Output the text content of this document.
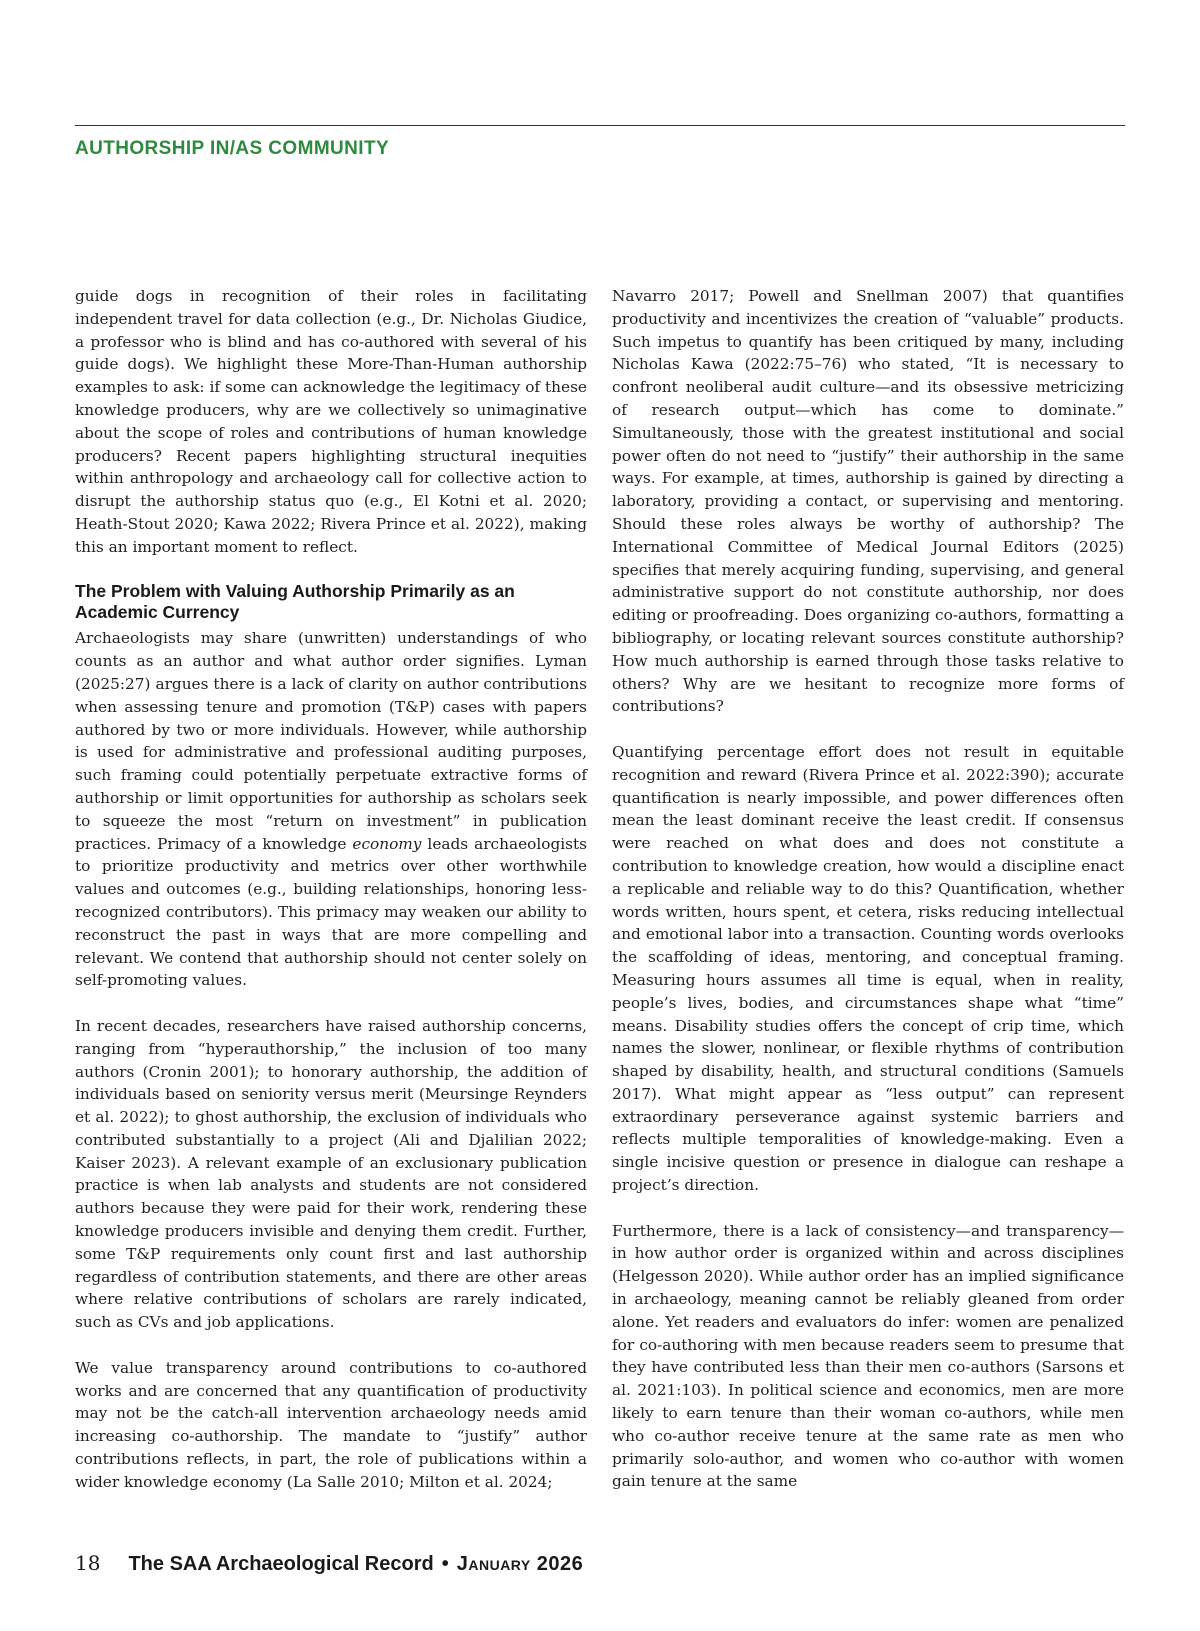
AUTHORSHIP IN/AS COMMUNITY

guide dogs in recognition of their roles in facilitating independent travel for data collection (e.g., Dr. Nicholas Giudice, a professor who is blind and has co-authored with several of his guide dogs). We highlight these More-Than-Human authorship examples to ask: if some can acknowledge the legitimacy of these knowledge producers, why are we collectively so unimaginative about the scope of roles and contributions of human knowledge producers? Recent papers highlighting structural inequities within anthropology and archaeology call for collective action to disrupt the authorship status quo (e.g., El Kotni et al. 2020; Heath-Stout 2020; Kawa 2022; Rivera Prince et al. 2022), making this an important moment to reflect.

The Problem with Valuing Authorship Primarily as an Academic Currency

Archaeologists may share (unwritten) understandings of who counts as an author and what author order signifies. Lyman (2025:27) argues there is a lack of clarity on author contributions when assessing tenure and promotion (T&P) cases with papers authored by two or more individuals. However, while authorship is used for administrative and professional auditing purposes, such framing could potentially perpetuate extractive forms of authorship or limit opportunities for authorship as scholars seek to squeeze the most “return on investment” in publication practices. Primacy of a knowledge economy leads archaeologists to prioritize productivity and metrics over other worthwhile values and outcomes (e.g., building relationships, honoring less-recognized contributors). This primacy may weaken our ability to reconstruct the past in ways that are more compelling and relevant. We contend that authorship should not center solely on self-promoting values.

In recent decades, researchers have raised authorship concerns, ranging from “hyperauthorship,” the inclusion of too many authors (Cronin 2001); to honorary authorship, the addition of individuals based on seniority versus merit (Meursinge Reynders et al. 2022); to ghost authorship, the exclusion of individuals who contributed substantially to a project (Ali and Djalilian 2022; Kaiser 2023). A relevant example of an exclusionary publication practice is when lab analysts and students are not considered authors because they were paid for their work, rendering these knowledge producers invisible and denying them credit. Further, some T&P requirements only count first and last authorship regardless of contribution statements, and there are other areas where relative contributions of scholars are rarely indicated, such as CVs and job applications.

We value transparency around contributions to co-authored works and are concerned that any quantification of productivity may not be the catch-all intervention archaeology needs amid increasing co-authorship. The mandate to “justify” author contributions reflects, in part, the role of publications within a wider knowledge economy (La Salle 2010; Milton et al. 2024;

Navarro 2017; Powell and Snellman 2007) that quantifies productivity and incentivizes the creation of “valuable” products. Such impetus to quantify has been critiqued by many, including Nicholas Kawa (2022:75–76) who stated, “It is necessary to confront neoliberal audit culture—and its obsessive metricizing of research output—which has come to dominate.” Simultaneously, those with the greatest institutional and social power often do not need to “justify” their authorship in the same ways. For example, at times, authorship is gained by directing a laboratory, providing a contact, or supervising and mentoring. Should these roles always be worthy of authorship? The International Committee of Medical Journal Editors (2025) specifies that merely acquiring funding, supervising, and general administrative support do not constitute authorship, nor does editing or proofreading. Does organizing co-authors, formatting a bibliography, or locating relevant sources constitute authorship? How much authorship is earned through those tasks relative to others? Why are we hesitant to recognize more forms of contributions?

Quantifying percentage effort does not result in equitable recognition and reward (Rivera Prince et al. 2022:390); accurate quantification is nearly impossible, and power differences often mean the least dominant receive the least credit. If consensus were reached on what does and does not constitute a contribution to knowledge creation, how would a discipline enact a replicable and reliable way to do this? Quantification, whether words written, hours spent, et cetera, risks reducing intellectual and emotional labor into a transaction. Counting words overlooks the scaffolding of ideas, mentoring, and conceptual framing. Measuring hours assumes all time is equal, when in reality, people’s lives, bodies, and circumstances shape what “time” means. Disability studies offers the concept of crip time, which names the slower, nonlinear, or flexible rhythms of contribution shaped by disability, health, and structural conditions (Samuels 2017). What might appear as “less output” can represent extraordinary perseverance against systemic barriers and reflects multiple temporalities of knowledge-making. Even a single incisive question or presence in dialogue can reshape a project’s direction.

Furthermore, there is a lack of consistency—and transparency—in how author order is organized within and across disciplines (Helgesson 2020). While author order has an implied significance in archaeology, meaning cannot be reliably gleaned from order alone. Yet readers and evaluators do infer: women are penalized for co-authoring with men because readers seem to presume that they have contributed less than their men co-authors (Sarsons et al. 2021:103). In political science and economics, men are more likely to earn tenure than their woman co-authors, while men who co-author receive tenure at the same rate as men who primarily solo-author, and women who co-author with women gain tenure at the same

18 The SAA Archaeological Record • January 2026
